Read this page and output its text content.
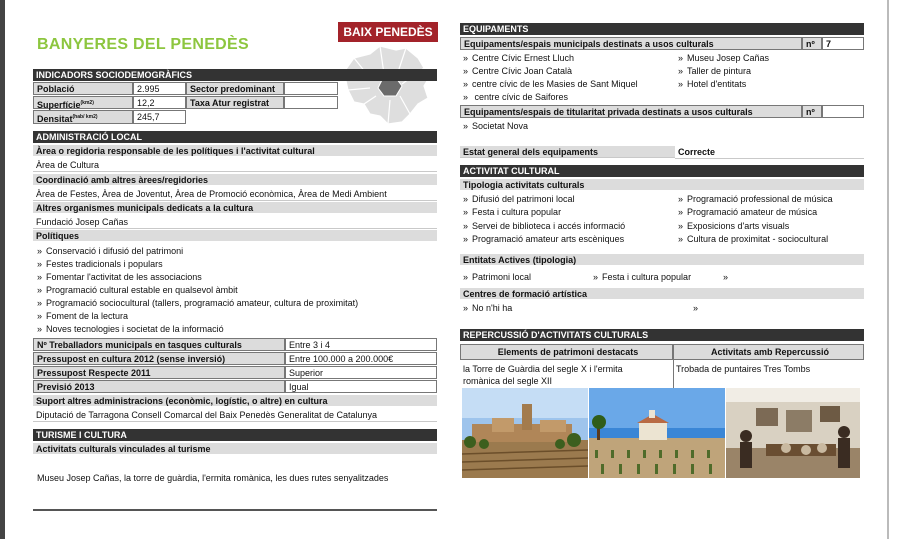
BANYERES DEL PENEDÈS
BAIX PENEDÈS
INDICADORS SOCIODEMOGRÀFICS
Població	2.995	Sector predominant
Superfície$^{(km2)}$	12,2	Taxa Atur registrat
Densitat$^{(hab/ km2)}$	245,7
ADMINISTRACIÓ LOCAL
Àrea o regidoria responsable de les polítiques i l'activitat cultural
Àrea de Cultura
Coordinació amb altres àrees/regidories
Àrea de Festes, Àrea de Joventut, Àrea de Promoció econòmica, Àrea de Medi Ambient
Altres organismes municipals dedicats a la cultura
Fundació Josep Cañas
Polítiques
» Conservació i difusió del patrimoni
» Festes tradicionals i populars
» Fomentar l'activitat de les associacions
» Programació cultural estable en qualsevol àmbit
» Programació sociocultural (tallers, programació amateur, cultura de proximitat)
» Foment de la lectura
» Noves tecnologies i societat de la informació
Nº Treballadors municipals en tasques culturals	Entre 3 i 4
Pressupost en cultura 2012 (sense inversió)	Entre 100.000 a 200.000€
Pressupost Respecte 2011	Superior
Previsió 2013	Igual
Suport altres administracions (econòmic, logístic, o altre) en cultura
Diputació de Tarragona Consell Comarcal del Baix Penedès Generalitat de Catalunya
TURISME I CULTURA
Activitats culturals vinculades al turisme
Museu Josep Cañas, la torre de guàrdia, l'ermita romànica, les dues rutes senyalitzades
EQUIPAMENTS
Equipaments/espais municipals destinats a usos culturals	nº	7
» Centre Cívic Ernest Lluch
» Centre Cívic Joan Català
» centre cívic de les Masies de Sant Miquel
» centre cívic de Saifores
» Museu Josep Cañas
» Taller de pintura
» Hotel d'entitats
Equipaments/espais de titularitat privada destinats a usos culturals	nº
» Societat Nova
Estat general dels equipaments	Correcte
ACTIVITAT CULTURAL
Tipologia activitats culturals
» Difusió del patrimoni local
» Festa i cultura popular
» Servei de biblioteca i accés informació
» Programació amateur arts escèniques
» Programació professional de música
» Programació amateur de música
» Exposicions d'arts visuals
» Cultura de proximitat - sociocultural
Entitats Actives (tipologia)
» Patrimoni local
»	Festa i cultura popular
»
Centres de formació artística
» No n'hi ha
»
REPERCUSSIÓ D'ACTIVITATS CULTURALS
Elements de patrimoni destacats	Activitats amb Repercussió
la Torre de Guàrdia del segle X i l'ermita
romànica del segle XII
Trobada de puntaires Tres Tombs
